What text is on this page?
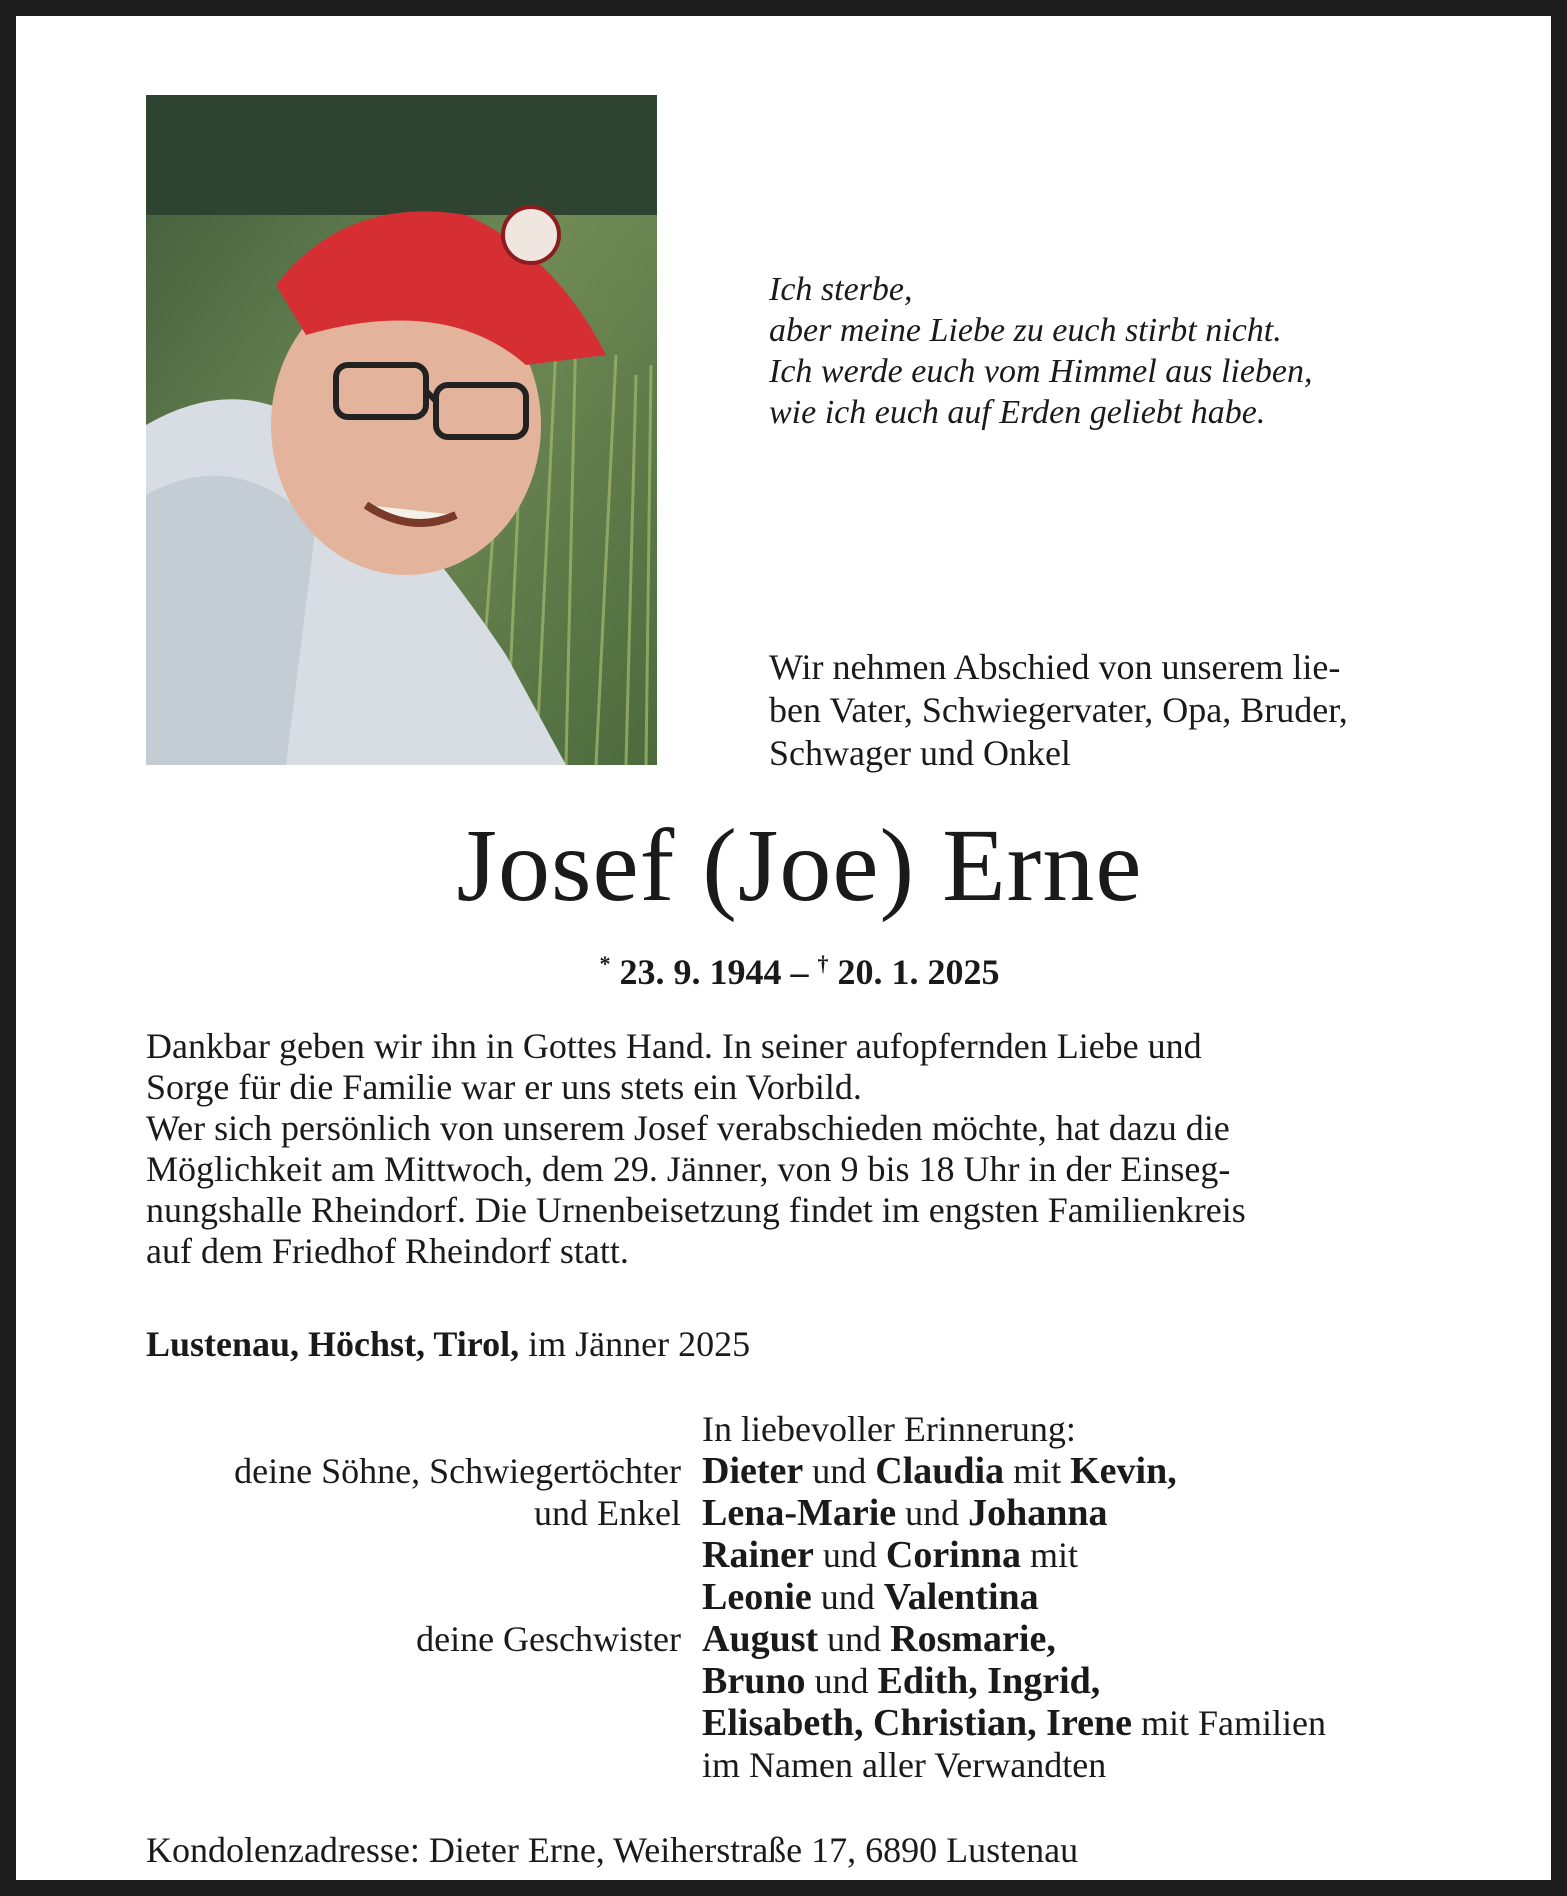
Ich sterbe,
aber meine Liebe zu euch stirbt nicht.
Ich werde euch vom Himmel aus lieben,
wie ich euch auf Erden geliebt habe.
Wir nehmen Abschied von unserem lie-
ben Vater, Schwiegervater, Opa, Bruder,
Schwager und Onkel
Josef (Joe) Erne
* 23. 9. 1944 – † 20. 1. 2025
Dankbar geben wir ihn in Gottes Hand. In seiner aufopfernden Liebe und
Sorge für die Familie war er uns stets ein Vorbild.
Wer sich persönlich von unserem Josef verabschieden möchte, hat dazu die
Möglichkeit am Mittwoch, dem 29. Jänner, von 9 bis 18 Uhr in der Einseg-
nungshalle Rheindorf. Die Urnenbeisetzung findet im engsten Familienkreis
auf dem Friedhof Rheindorf statt.
Lustenau, Höchst, Tirol, im Jänner 2025
In liebevoller Erinnerung:
deine Söhne, Schwiegertöchter
und Enkel
Dieter und Claudia mit Kevin,
Lena-Marie und Johanna
Rainer und Corinna mit
Leonie und Valentina
deine Geschwister August und Rosmarie,
Bruno und Edith, Ingrid,
Elisabeth, Christian, Irene mit Familien
im Namen aller Verwandten
Kondolenzadresse: Dieter Erne, Weiherstraße 17, 6890 Lustenau
